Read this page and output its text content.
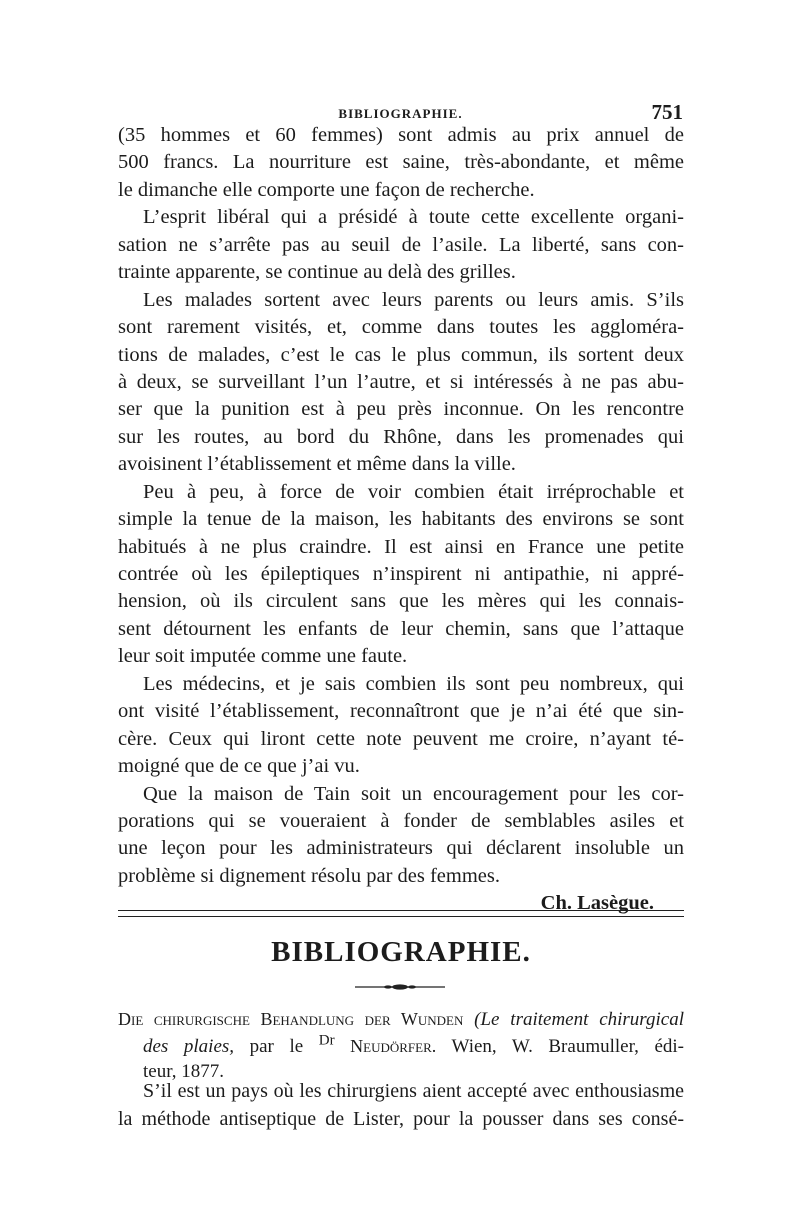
BIBLIOGRAPHIE.	751
(35 hommes et 60 femmes) sont admis au prix annuel de
500 francs. La nourriture est saine, très-abondante, et même
le dimanche elle comporte une façon de recherche.
L’esprit libéral qui a présidé à toute cette excellente organi-
sation ne s’arrête pas au seuil de l’asile. La liberté, sans con-
trainte apparente, se continue au delà des grilles.
Les malades sortent avec leurs parents ou leurs amis. S’ils
sont rarement visités, et, comme dans toutes les aggloméra-
tions de malades, c’est le cas le plus commun, ils sortent deux
à deux, se surveillant l’un l’autre, et si intéressés à ne pas abu-
ser que la punition est à peu près inconnue. On les rencontre
sur les routes, au bord du Rhône, dans les promenades qui
avoisinent l’établissement et même dans la ville.
Peu à peu, à force de voir combien était irréprochable et
simple la tenue de la maison, les habitants des environs se sont
habitués à ne plus craindre. Il est ainsi en France une petite
contrée où les épileptiques n’inspirent ni antipathie, ni appré-
hension, où ils circulent sans que les mères qui les connais-
sent détournent les enfants de leur chemin, sans que l’attaque
leur soit imputée comme une faute.
Les médecins, et je sais combien ils sont peu nombreux, qui
ont visité l’établissement, reconnaîtront que je n’ai été que sin-
cère. Ceux qui liront cette note peuvent me croire, n’ayant té-
moigné que de ce que j’ai vu.
Que la maison de Tain soit un encouragement pour les cor-
porations qui se voueraient à fonder de semblables asiles et
une leçon pour les administrateurs qui déclarent insoluble un
problème si dignement résolu par des femmes.
Ch. Lasègue.
BIBLIOGRAPHIE.
Die chirurgische Behandlung der Wunden (Le traitement chirurgical
des plaies, par le $^{Dr}$ Neudörfer. Wien, W. Braumuller, édi-
teur, 1877.
S’il est un pays où les chirurgiens aient accepté avec enthousiasme
la méthode antiseptique de Lister, pour la pousser dans ses consé-
